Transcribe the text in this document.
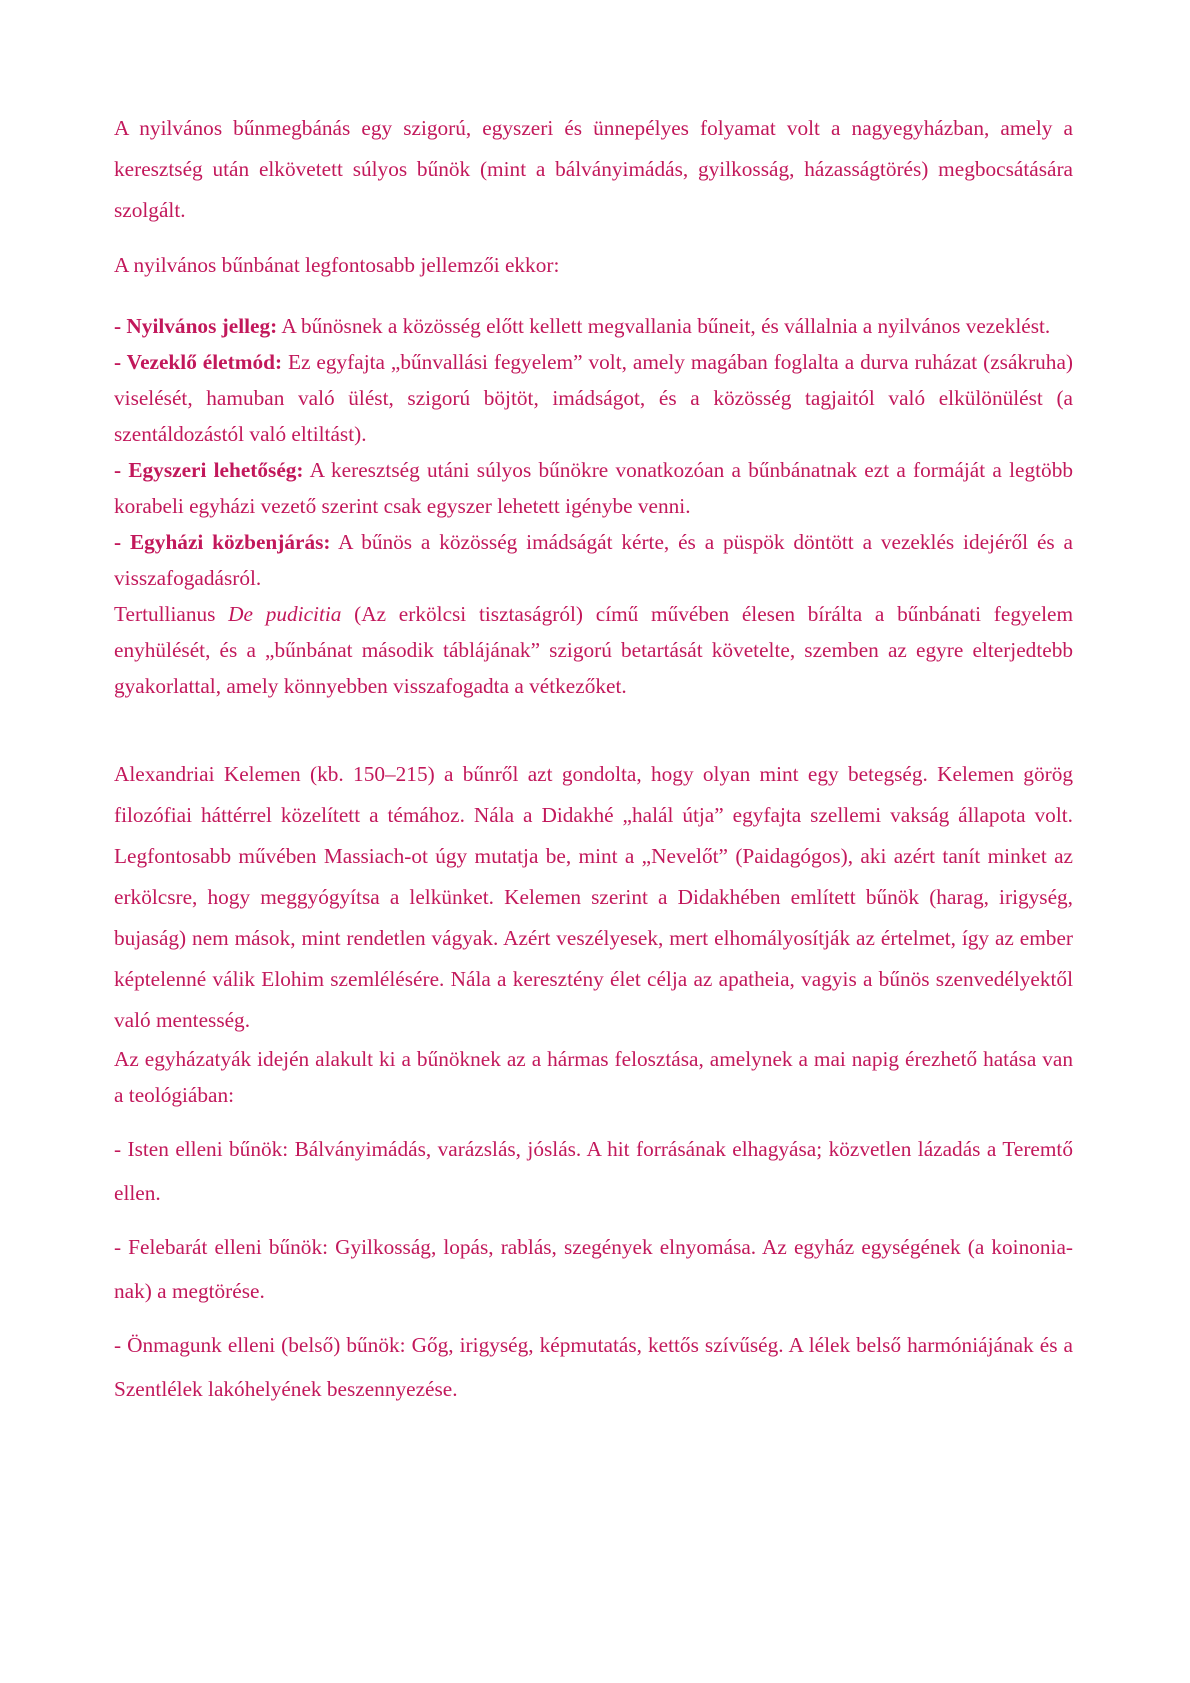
A nyilvános bűnmegbánás egy szigorú, egyszeri és ünnepélyes folyamat volt a nagyegyházban, amely a keresztség után elkövetett súlyos bűnök (mint a bálványimádás, gyilkosság, házasságtörés) megbocsátására szolgált.

A nyilvános bűnbánat legfontosabb jellemzői ekkor:

- Nyilvános jelleg: A bűnösnek a közösség előtt kellett megvallania bűneit, és vállalnia a nyilvános vezeklést.

- Vezeklő életmód: Ez egyfajta „bűnvallási fegyelem” volt, amely magában foglalta a durva ruházat (zsákruha) viselését, hamuban való ülést, szigorú böjtöt, imádságot, és a közösség tagjaitól való elkülönülést (a szentáldozástól való eltiltást).

- Egyszeri lehetőség: A keresztség utáni súlyos bűnökre vonatkozóan a bűnbánatnak ezt a formáját a legtöbb korabeli egyházi vezető szerint csak egyszer lehetett igénybe venni.

- Egyházi közbenjárás: A bűnös a közösség imádságát kérte, és a püspök döntött a vezeklés idejéről és a visszafogadásról.

Tertullianus De pudicitia (Az erkölcsi tisztaságról) című művében élesen bírálta a bűnbánati fegyelem enyhülését, és a „bűnbánat második táblájának” szigorú betartását követelte, szemben az egyre elterjedtebb gyakorlattal, amely könnyebben visszafogadta a vétkezőket.

Alexandriai Kelemen (kb. 150–215) a bűnről azt gondolta, hogy olyan mint egy betegség. Kelemen görög filozófiai háttérrel közelített a témához. Nála a Didakhé „halál útja” egyfajta szellemi vakság állapota volt. Legfontosabb művében Massiach-ot úgy mutatja be, mint a „Nevelőt” (Paidagógos), aki azért tanít minket az erkölcsre, hogy meggyógyítsa a lelkünket. Kelemen szerint a Didakhében említett bűnök (harag, irigység, bujaság) nem mások, mint rendetlen vágyak. Azért veszélyesek, mert elhomályosítják az értelmet, így az ember képtelenné válik Elohim szemlélésére. Nála a keresztény élet célja az apatheia, vagyis a bűnös szenvedélyektől való mentesség.

Az egyházatyák idején alakult ki a bűnöknek az a hármas felosztása, amelynek a mai napig érezhető hatása van a teológiában:

- Isten elleni bűnök: Bálványimádás, varázslás, jóslás. A hit forrásának elhagyása; közvetlen lázadás a Teremtő ellen.

- Felebarát elleni bűnök: Gyilkosság, lopás, rablás, szegények elnyomása. Az egyház egységének (a koinonia-nak) a megtörése.

- Önmagunk elleni (belső) bűnök: Gőg, irigység, képmutatás, kettős szívűség. A lélek belső harmóniájának és a Szentlélek lakóhelyének beszennyezése.
